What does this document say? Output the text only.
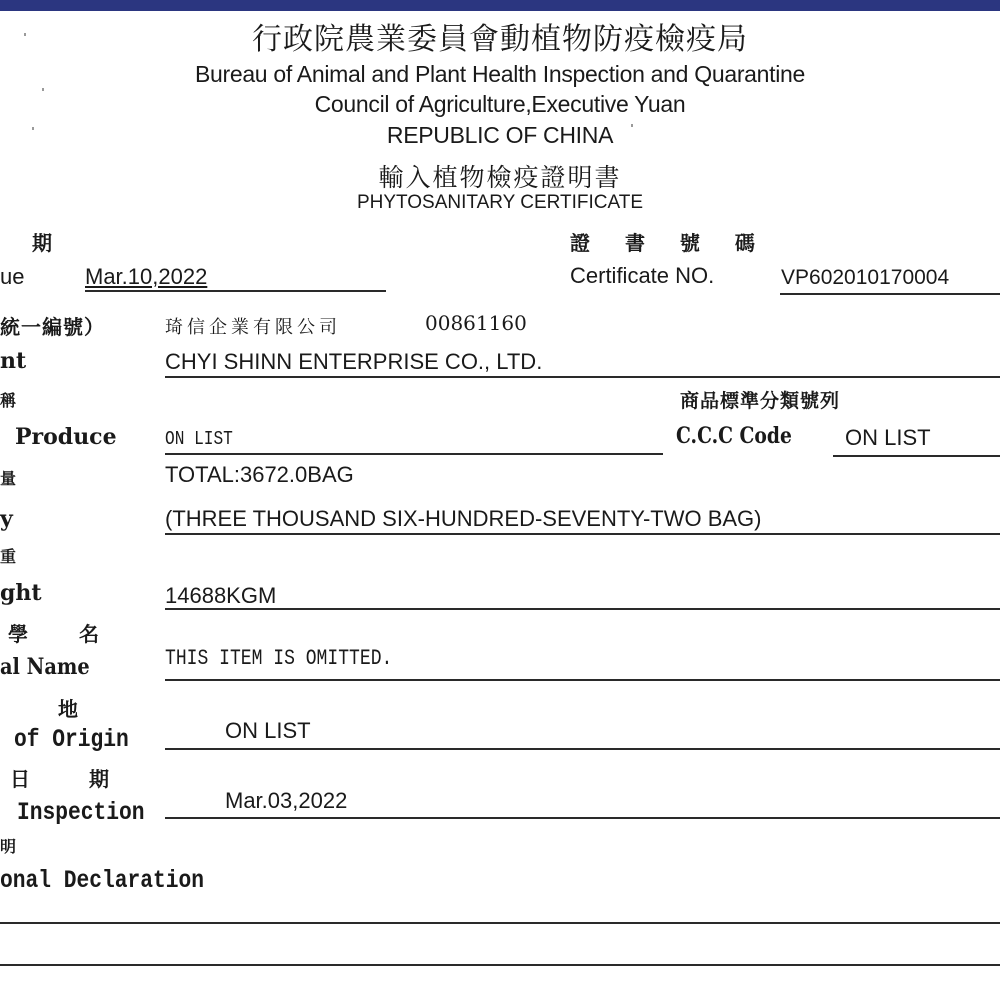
行政院農業委員會動植物防疫檢疫局
Bureau of Animal and Plant Health Inspection and Quarantine
Council of Agriculture,Executive Yuan
REPUBLIC OF CHINA
輸入植物檢疫證明書
PHYTOSANITARY CERTIFICATE
期
ue	Mar.10,2022
證 書 號 碼
Certificate NO.	VP602010170004
統一編號）	琦信企業有限公司	00861160
nt	CHYI SHINN ENTERPRISE CO., LTD.
稱
Produce	ON LIST
商品標準分類號列
C.C.C Code ON LIST
量	TOTAL:3672.0BAG
y	(THREE THOUSAND SIX-HUNDRED-SEVENTY-TWO BAG)
重
ght	14688KGM
學 名
al Name	THIS ITEM IS OMITTED.
地
of Origin	ON LIST
日 期
Inspection	Mar.03,2022
明
onal Declaration
